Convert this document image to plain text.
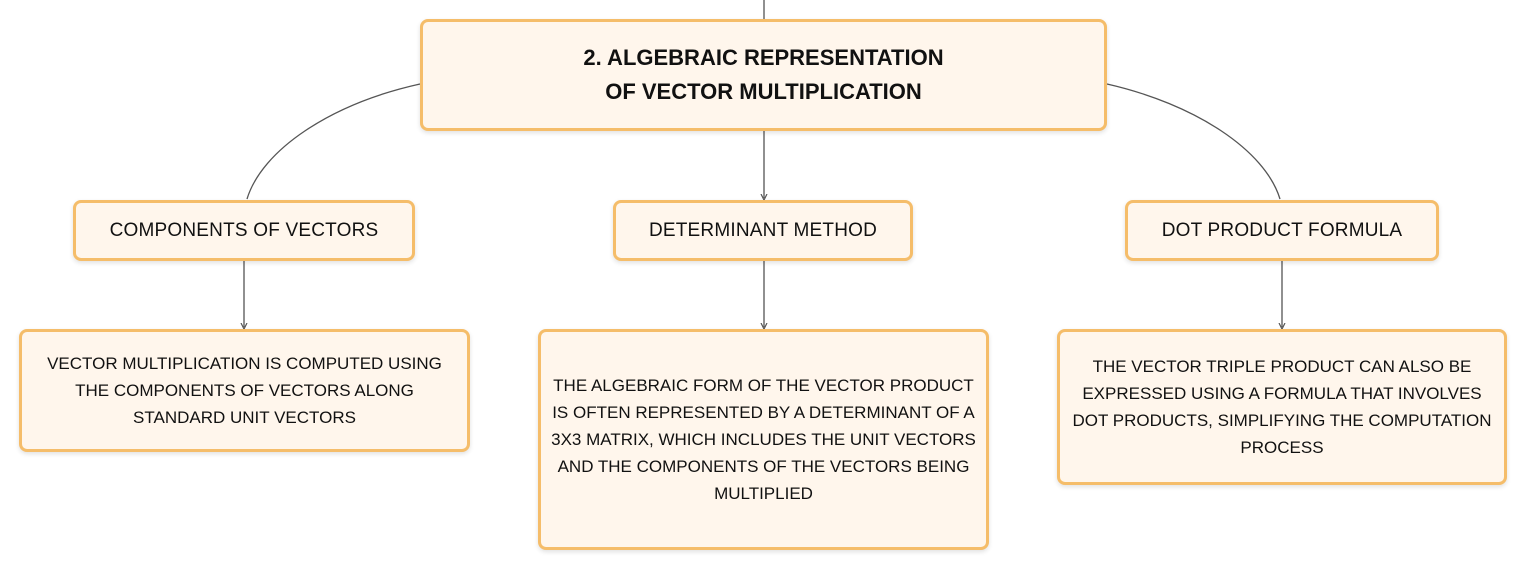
2. ALGEBRAIC REPRESENTATION OF VECTOR MULTIPLICATION
COMPONENTS OF VECTORS	DETERMINANT METHOD	DOT PRODUCT FORMULA
VECTOR MULTIPLICATION IS COMPUTED USING THE COMPONENTS OF VECTORS ALONG STANDARD UNIT VECTORS
THE ALGEBRAIC FORM OF THE VECTOR PRODUCT IS OFTEN REPRESENTED BY A DETERMINANT OF A 3X3 MATRIX, WHICH INCLUDES THE UNIT VECTORS AND THE COMPONENTS OF THE VECTORS BEING MULTIPLIED
THE VECTOR TRIPLE PRODUCT CAN ALSO BE EXPRESSED USING A FORMULA THAT INVOLVES DOT PRODUCTS, SIMPLIFYING THE COMPUTATION PROCESS
